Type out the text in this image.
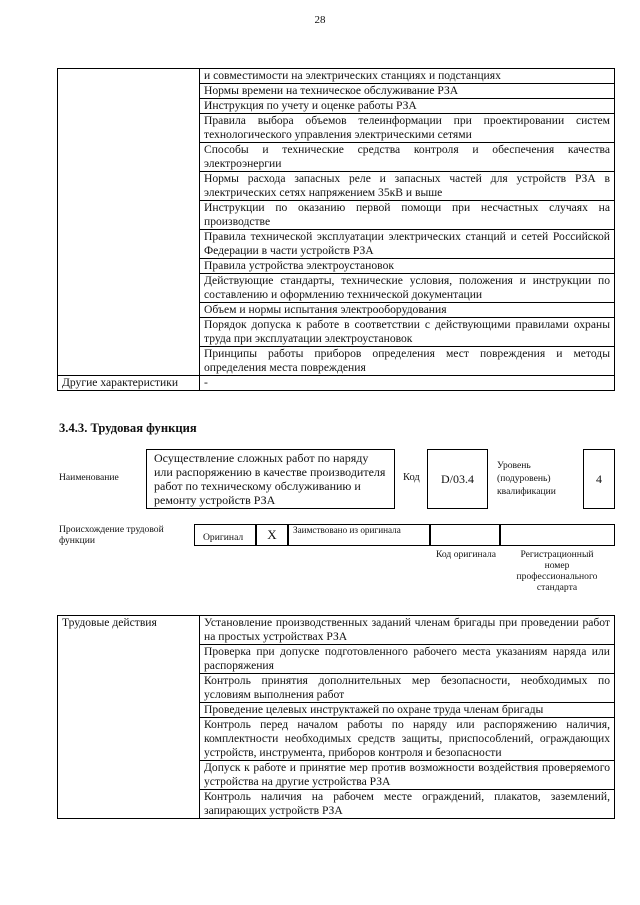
28
	и совместимости на электрических станциях и подстанциях
	Нормы времени на техническое обслуживание РЗА
	Инструкция по учету и оценке работы РЗА
	Правила выбора объемов телеинформации при проектировании систем технологического управления электрическими сетями
	Способы и технические средства контроля и обеспечения качества электроэнергии
	Нормы расхода запасных реле и запасных частей для устройств РЗА в электрических сетях напряжением 35кВ и выше
	Инструкции по оказанию первой помощи при несчастных случаях на производстве
	Правила технической эксплуатации электрических станций и сетей Российской Федерации в части устройств РЗА
	Правила устройства электроустановок
	Действующие стандарты, технические условия, положения и инструкции по составлению и оформлению технической документации
	Объем и нормы испытания электрооборудования
	Порядок допуска к работе в соответствии с действующими правилами охраны труда при эксплуатации электроустановок
	Принципы работы приборов определения мест повреждения и методы определения места повреждения
Другие характеристики	-
3.4.3. Трудовая функция
Наименование
Осуществление сложных работ по наряду или распоряжению в качестве производителя работ по техническому обслуживанию и ремонту устройств РЗА
Код	D/03.4
Уровень (подуровень) квалификации
4
Происхождение трудовой функции	Оригинал	X	Заимствовано из оригинала
Код оригинала	Регистрационный номер профессионального стандарта
Трудовые действия	Установление производственных заданий членам бригады при проведении работ на простых устройствах РЗА
Проверка при допуске подготовленного рабочего места указаниям наряда или распоряжения
Контроль принятия дополнительных мер безопасности, необходимых по условиям выполнения работ
Проведение целевых инструктажей по охране труда членам бригады
Контроль перед началом работы по наряду или распоряжению наличия, комплектности необходимых средств защиты, приспособлений, ограждающих устройств, инструмента, приборов контроля и безопасности
Допуск к работе и принятие мер против возможности воздействия проверяемого устройства на другие устройства РЗА
Контроль наличия на рабочем месте ограждений, плакатов, заземлений, запирающих устройств РЗА
